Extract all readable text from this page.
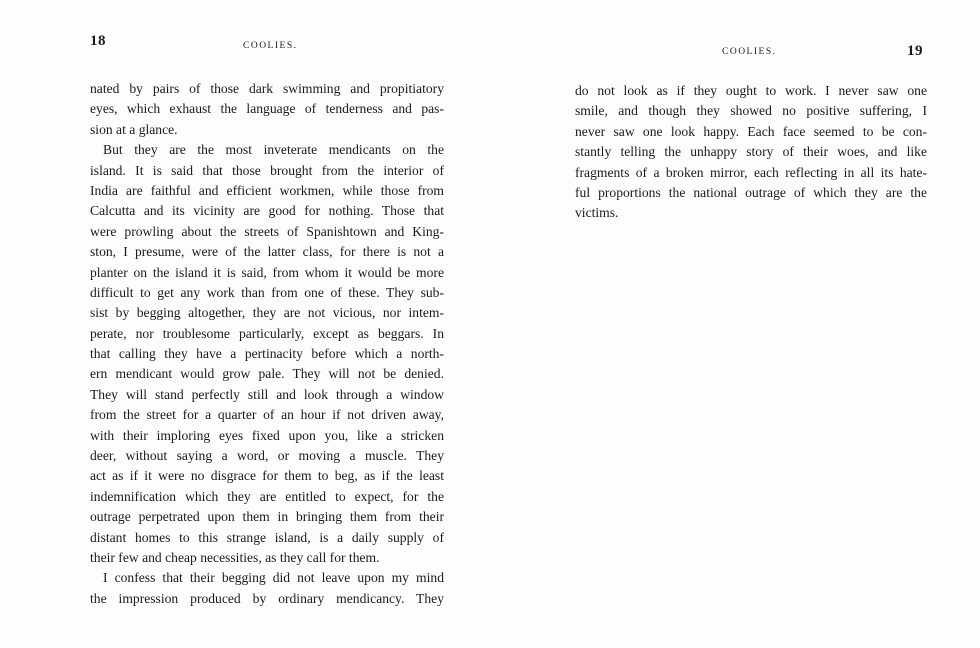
18	COOLIES.
nated by pairs of those dark swimming and propitiatory
eyes, which exhaust the language of tenderness and pas-
sion at a glance.
But they are the most inveterate mendicants on the
island. It is said that those brought from the interior of
India are faithful and efficient workmen, while those from
Calcutta and its vicinity are good for nothing. Those that
were prowling about the streets of Spanishtown and King-
ston, I presume, were of the latter class, for there is not a
planter on the island it is said, from whom it would be more
difficult to get any work than from one of these. They sub-
sist by begging altogether, they are not vicious, nor intem-
perate, nor troublesome particularly, except as beggars. In
that calling they have a pertinacity before which a north-
ern mendicant would grow pale. They will not be denied.
They will stand perfectly still and look through a window
from the street for a quarter of an hour if not driven away,
with their imploring eyes fixed upon you, like a stricken
deer, without saying a word, or moving a muscle. They
act as if it were no disgrace for them to beg, as if the least
indemnification which they are entitled to expect, for the
outrage perpetrated upon them in bringing them from their
distant homes to this strange island, is a daily supply of
their few and cheap necessities, as they call for them.
I confess that their begging did not leave upon my mind
the impression produced by ordinary mendicancy. They
19
COOLIES.
do not look as if they ought to work. I never saw one
smile, and though they showed no positive suffering, I
never saw one look happy. Each face seemed to be con-
stantly telling the unhappy story of their woes, and like
fragments of a broken mirror, each reflecting in all its hate-
ful proportions the national outrage of which they are the
victims.
